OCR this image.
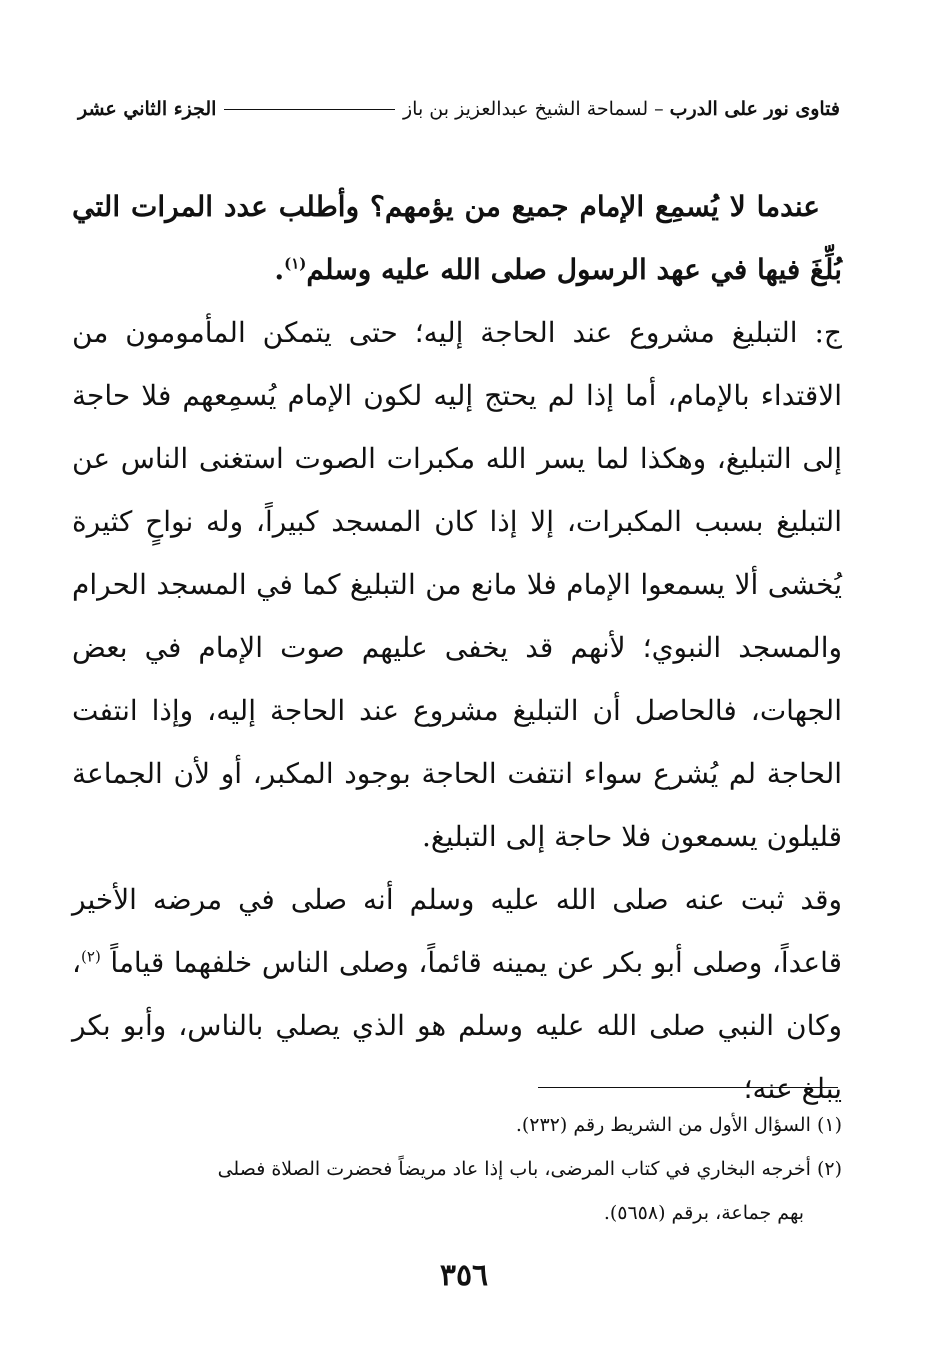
فتاوى نور على الدرب
–
لسماحة الشيخ عبدالعزيز بن باز
الجزء الثاني عشر

عندما لا يُسمِع الإمام جميع من يؤمهم؟ وأطلب عدد المرات التي بُلِّغَ فيها في عهد الرسول صلى الله عليه وسلم$^{(١)}$.

ج: التبليغ مشروع عند الحاجة إليه؛ حتى يتمكن المأمومون من الاقتداء بالإمام، أما إذا لم يحتج إليه لكون الإمام يُسمِعهم فلا حاجة إلى التبليغ، وهكذا لما يسر الله مكبرات الصوت استغنى الناس عن التبليغ بسبب المكبرات، إلا إذا كان المسجد كبيراً، وله نواحٍ كثيرة يُخشى ألا يسمعوا الإمام فلا مانع من التبليغ كما في المسجد الحرام والمسجد النبوي؛ لأنهم قد يخفى عليهم صوت الإمام في بعض الجهات، فالحاصل أن التبليغ مشروع عند الحاجة إليه، وإذا انتفت الحاجة لم يُشرع سواء انتفت الحاجة بوجود المكبر، أو لأن الجماعة قليلون يسمعون فلا حاجة إلى التبليغ.

وقد ثبت عنه صلى الله عليه وسلم أنه صلى في مرضه الأخير قاعداً، وصلى أبو بكر عن يمينه قائماً، وصلى الناس خلفهما قياماً $^{(٢)}$، وكان النبي صلى الله عليه وسلم هو الذي يصلي بالناس، وأبو بكر يبلغ عنه؛

(١) السؤال الأول من الشريط رقم (٢٣٢).

(٢) أخرجه البخاري في كتاب المرضى، باب إذا عاد مريضاً فحضرت الصلاة فصلى
بهم جماعة، برقم (٥٦٥٨).

٣٥٦
